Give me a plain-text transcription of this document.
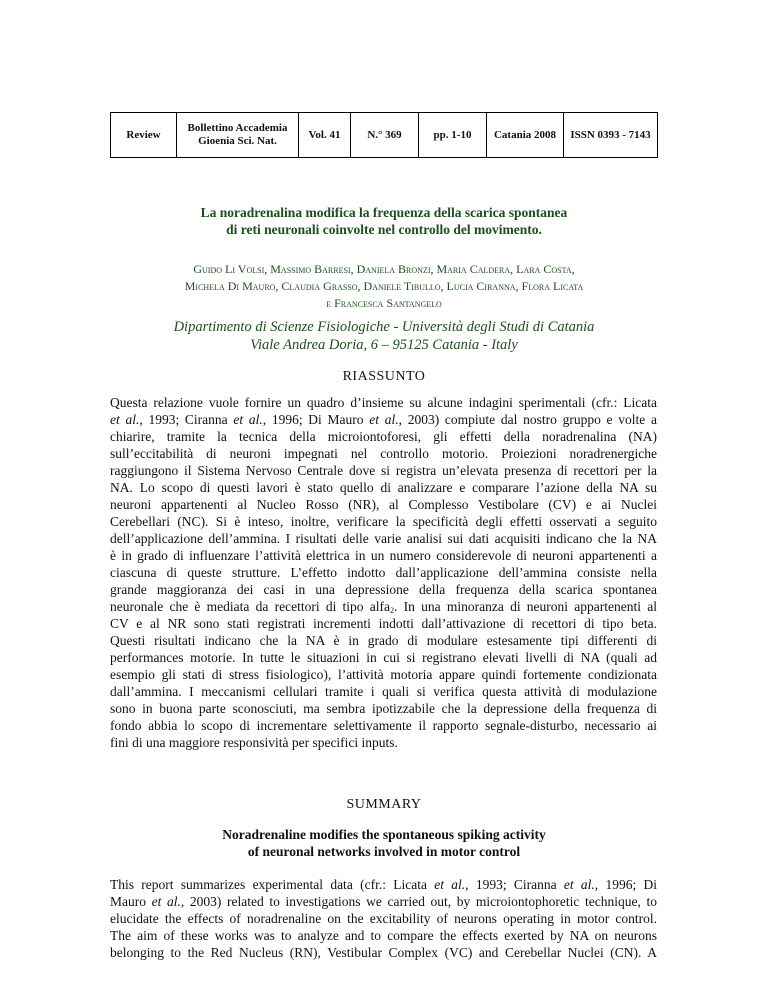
Review	Bollettino Accademia Gioenia Sci. Nat.	Vol. 41	N.° 369	pp. 1-10	Catania 2008	ISSN 0393 - 7143
La noradrenalina modifica la frequenza della scarica spontanea
di reti neuronali coinvolte nel controllo del movimento.
Guido Li Volsi, Massimo Barresi, Daniela Bronzi, Maria Caldera, Lara Costa,
Michela Di Mauro, Claudia Grasso, Daniele Tibullo, Lucia Ciranna, Flora Licata
e Francesca Santangelo
Dipartimento di Scienze Fisiologiche - Università degli Studi di Catania
Viale Andrea Doria, 6 – 95125 Catania - Italy
RIASSUNTO
Questa relazione vuole fornire un quadro d’insieme su alcune indagini sperimentali (cfr.: Licata
et al., 1993; Ciranna et al., 1996; Di Mauro et al., 2003) compiute dal nostro gruppo e volte a
chiarire, tramite la tecnica della microiontoforesi, gli effetti della noradrenalina (NA)
sull’eccitabilità di neuroni impegnati nel controllo motorio. Proiezioni noradrenergiche
raggiungono il Sistema Nervoso Centrale dove si registra un’elevata presenza di recettori per la
NA. Lo scopo di questi lavori è stato quello di analizzare e comparare l’azione della NA su
neuroni appartenenti al Nucleo Rosso (NR), al Complesso Vestibolare (CV) e ai Nuclei
Cerebellari (NC). Si è inteso, inoltre, verificare la specificità degli effetti osservati a seguito
dell’applicazione dell’ammina. I risultati delle varie analisi sui dati acquisiti indicano che la NA
è in grado di influenzare l’attività elettrica in un numero considerevole di neuroni appartenenti a
ciascuna di queste strutture. L’effetto indotto dall’applicazione dell’ammina consiste nella
grande maggioranza dei casi in una depressione della frequenza della scarica spontanea
neuronale che è mediata da recettori di tipo alfa$_2$. In una minoranza di neuroni appartenenti al
CV e al NR sono stati registrati incrementi indotti dall’attivazione di recettori di tipo beta.
Questi risultati indicano che la NA è in grado di modulare estesamente tipi differenti di
performances motorie. In tutte le situazioni in cui si registrano elevati livelli di NA (quali ad
esempio gli stati di stress fisiologico), l’attività motoria appare quindi fortemente condizionata
dall’ammina. I meccanismi cellulari tramite i quali si verifica questa attività di modulazione
sono in buona parte sconosciuti, ma sembra ipotizzabile che la depressione della frequenza di
fondo abbia lo scopo di incrementare selettivamente il rapporto segnale-disturbo, necessario ai
fini di una maggiore responsività per specifici inputs.
SUMMARY
Noradrenaline modifies the spontaneous spiking activity
of neuronal networks involved in motor control
This report summarizes experimental data (cfr.: Licata et al., 1993; Ciranna et al., 1996; Di
Mauro et al., 2003) related to investigations we carried out, by microiontophoretic technique, to
elucidate the effects of noradrenaline on the excitability of neurons operating in motor control.
The aim of these works was to analyze and to compare the effects exerted by NA on neurons
belonging to the Red Nucleus (RN), Vestibular Complex (VC) and Cerebellar Nuclei (CN). A
